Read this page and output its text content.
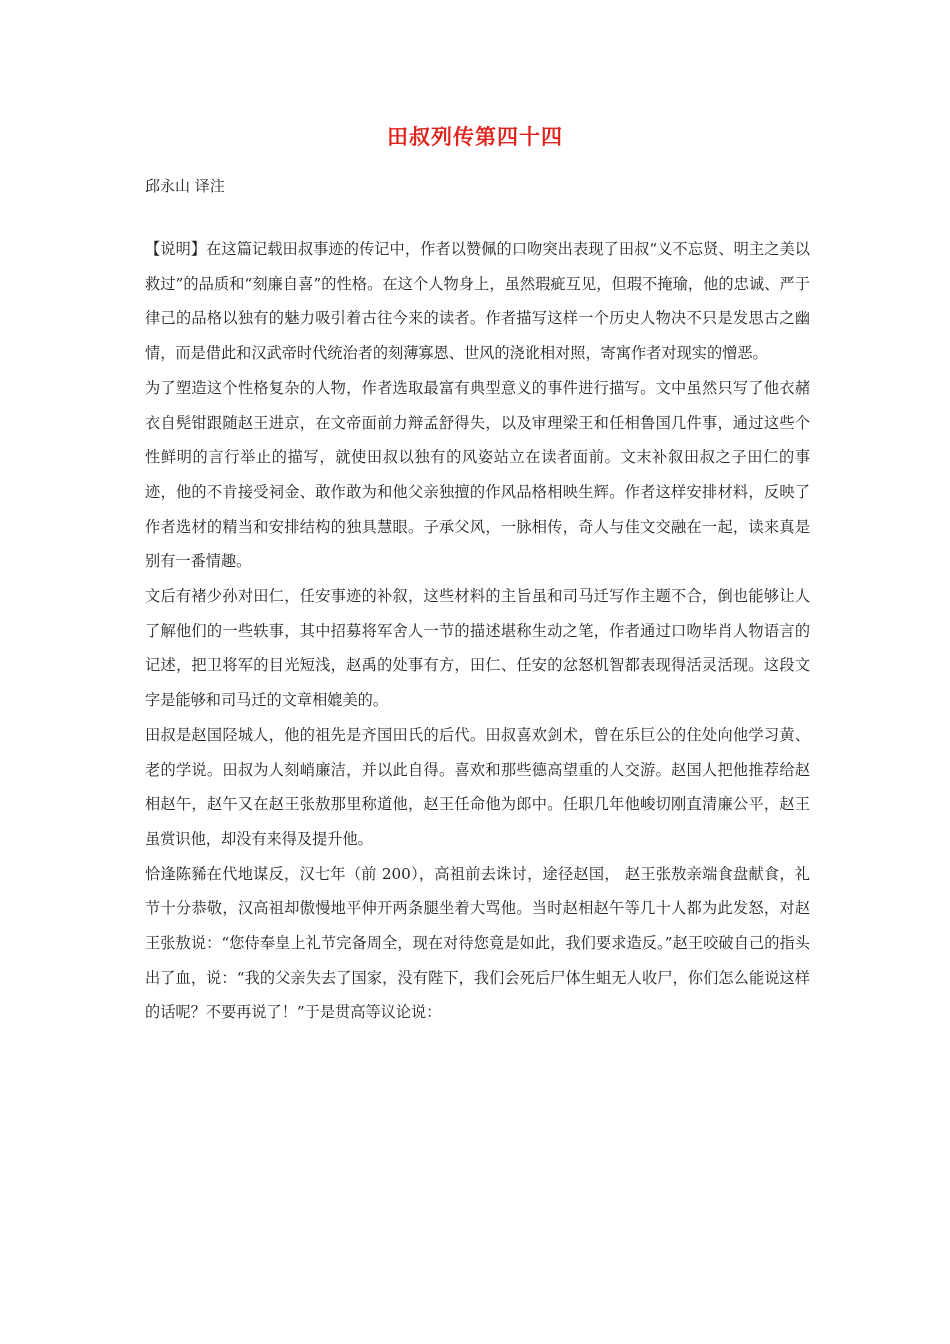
田叔列传第四十四
邱永山 译注

【说明】在这篇记载田叔事迹的传记中，作者以赞佩的口吻突出表现了田叔“义不忘贤、明主之美以救过”的品质和“刻廉自喜”的性格。在这个人物身上，虽然瑕疵互见，但瑕不掩瑜，他的忠诚、严于律己的品格以独有的魅力吸引着古往今来的读者。作者描写这样一个历史人物决不只是发思古之幽情，而是借此和汉武帝时代统治者的刻薄寡恩、世风的浇讹相对照，寄寓作者对现实的憎恶。

为了塑造这个性格复杂的人物，作者选取最富有典型意义的事件进行描写。文中虽然只写了他衣赭衣自髡钳跟随赵王进京，在文帝面前力辩孟舒得失，以及审理梁王和任相鲁国几件事，通过这些个性鲜明的言行举止的描写，就使田叔以独有的风姿站立在读者面前。文末补叙田叔之子田仁的事迹，他的不肯接受祠金、敢作敢为和他父亲独擅的作风品格相映生辉。作者这样安排材料，反映了作者选材的精当和安排结构的独具慧眼。子承父风，一脉相传，奇人与佳文交融在一起，读来真是别有一番情趣。

文后有褚少孙对田仁，任安事迹的补叙，这些材料的主旨虽和司马迁写作主题不合，倒也能够让人了解他们的一些轶事，其中招募将军舍人一节的描述堪称生动之笔，作者通过口吻毕肖人物语言的记述，把卫将军的目光短浅，赵禹的处事有方，田仁、任安的忿怒机智都表现得活灵活现。这段文字是能够和司马迁的文章相媲美的。

田叔是赵国陉城人，他的祖先是齐国田氏的后代。田叔喜欢剑术，曾在乐巨公的住处向他学习黄、老的学说。田叔为人刻峭廉洁，并以此自得。喜欢和那些德高望重的人交游。赵国人把他推荐给赵相赵午，赵午又在赵王张敖那里称道他，赵王任命他为郎中。任职几年他峻切刚直清廉公平，赵王虽赏识他，却没有来得及提升他。

恰逢陈豨在代地谋反，汉七年（前 200），高祖前去诛讨，途径赵国， 赵王张敖亲端食盘献食，礼节十分恭敬，汉高祖却傲慢地平伸开两条腿坐着大骂他。当时赵相赵午等几十人都为此发怒，对赵王张敖说：“您侍奉皇上礼节完备周全，现在对待您竟是如此，我们要求造反。”赵王咬破自己的指头出了血，说：“我的父亲失去了国家，没有陛下，我们会死后尸体生蛆无人收尸，你们怎么能说这样的话呢？不要再说了！”于是贯高等议论说：
